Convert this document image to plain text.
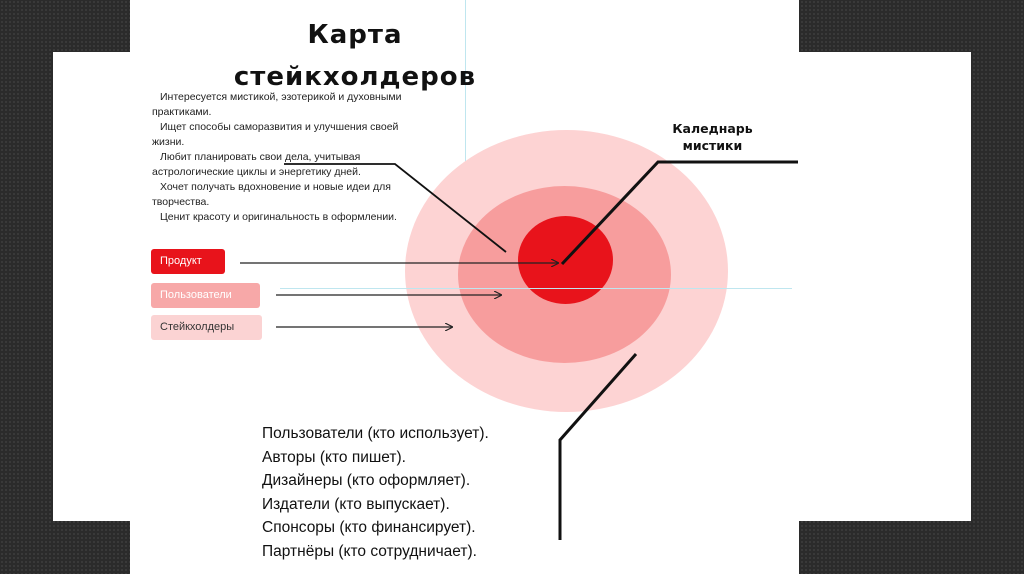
Карта
стейкхолдеров

Интересуется мистикой, эзотерикой и духовными практиками.

Ищет способы саморазвития и улучшения своей жизни.

Любит планировать свои дела, учитывая астрологические циклы и энергетику дней.

Хочет получать вдохновение и новые идеи для творчества.

Ценит красоту и оригинальность в оформлении.

Продукт
Пользователи
Стейкхолдеры
Каледнарь
мистики
Пользователи (кто использует).
Авторы (кто пишет).
Дизайнеры (кто оформляет).
Издатели (кто выпускает).
Спонсоры (кто финансирует).
Партнёры (кто сотрудничает).
